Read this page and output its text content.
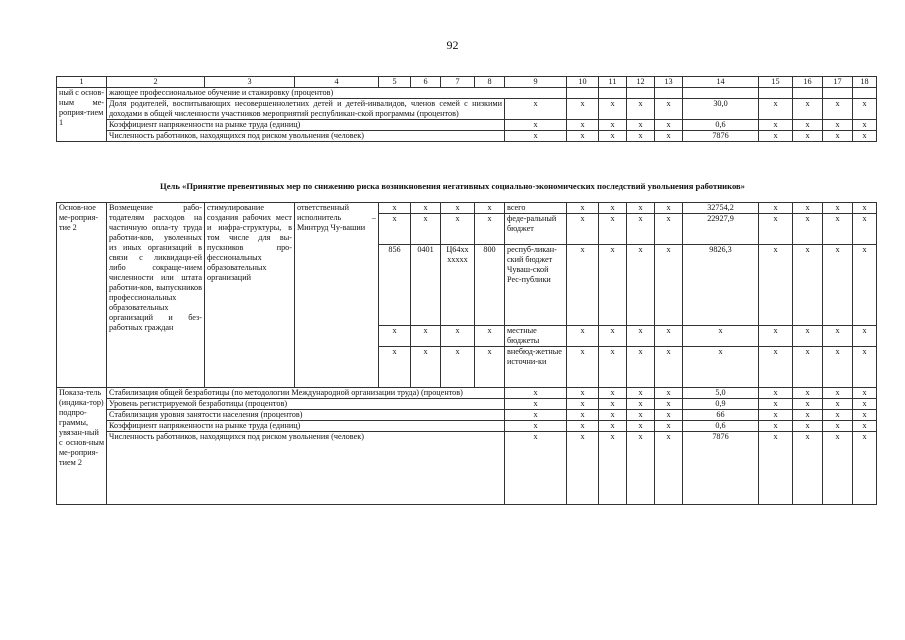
92
1	2	3	4	5	6	7	8	9	10	11	12	13	14	15	16	17	18	
ный с основ-ным ме-роприя-тием 1	жающее профессиональное обучение и стажировку (процентов)																	
	Доля родителей, воспитывающих несовершеннолетних детей и детей-инвалидов, членов семей с низкими доходами в общей численности участников мероприятий республикан-ской программы (процентов)							x	x	x	x	x	30,0	x	x	x	x	
	Коэффициент напряженности на рынке труда (единиц)							x	x	x	x	x	0,6	x	x	x	x	
	Численность работников, находящихся под риском увольнения (человек)							x	x	x	x	x	7876	x	x	x	x	
Цель «Принятие превентивных мер по снижению риска возникновения негативных социально-экономических последствий увольнения работников»
Основ-ное ме-роприя-тие 2	Возмещение рабо-тодателям расходов на частичную опла-ту труда работни-ков, уволенных из иных организаций в связи с ликвидаци-ей либо сокраще-нием численности или штата работни-ков, выпускников профессиональных образовательных организаций и без-работных граждан	стимулирование создания рабочих мест и инфра-структуры, в том числе для вы-пускников про-фессиональных образовательных организаций	ответственный исполнитель – Минтруд Чу-вашии	x	x	x	x	всего	x	x	x	x	32754,2	x	x	x	x
				x	x	x	x	феде-ральный бюджет	x	x	x	x	22927,9	x	x	x	x
				856	0401	Ц64хх хxxxx	800	респуб-ликан-ский бюджет Чуваш-ской Рес-публики	x	x	x	x	9826,3	x	x	x	x
				x	x	x	x	местные бюджеты	x	x	x	x	x	x	x	x	x
				x	x	x	x	внебюд-жетные источни-ки	x	x	x	x	x	x	x	x	x
Показа-тель (индика-тор) подпро-граммы, увязан-ный с основ-ным ме-роприя-тием 2	Стабилизация общей безработицы (по методологии Международной организации труда) (процентов)							x	x	x	x	x	5,0	x	x	x	x
	Уровень регистрируемой безработицы (процентов)							x	x	x	x	x	0,9	x	x	x	x
	Стабилизация уровня занятости населения (процентов)							x	x	x	x	x	66	x	x	x	x
	Коэффициент напряженности на рынке труда (единиц)							x	x	x	x	x	0,6	x	x	x	x
	Численность работников, находящихся под риском увольнения (человек)							x	x	x	x	x	7876	x	x	x	x
